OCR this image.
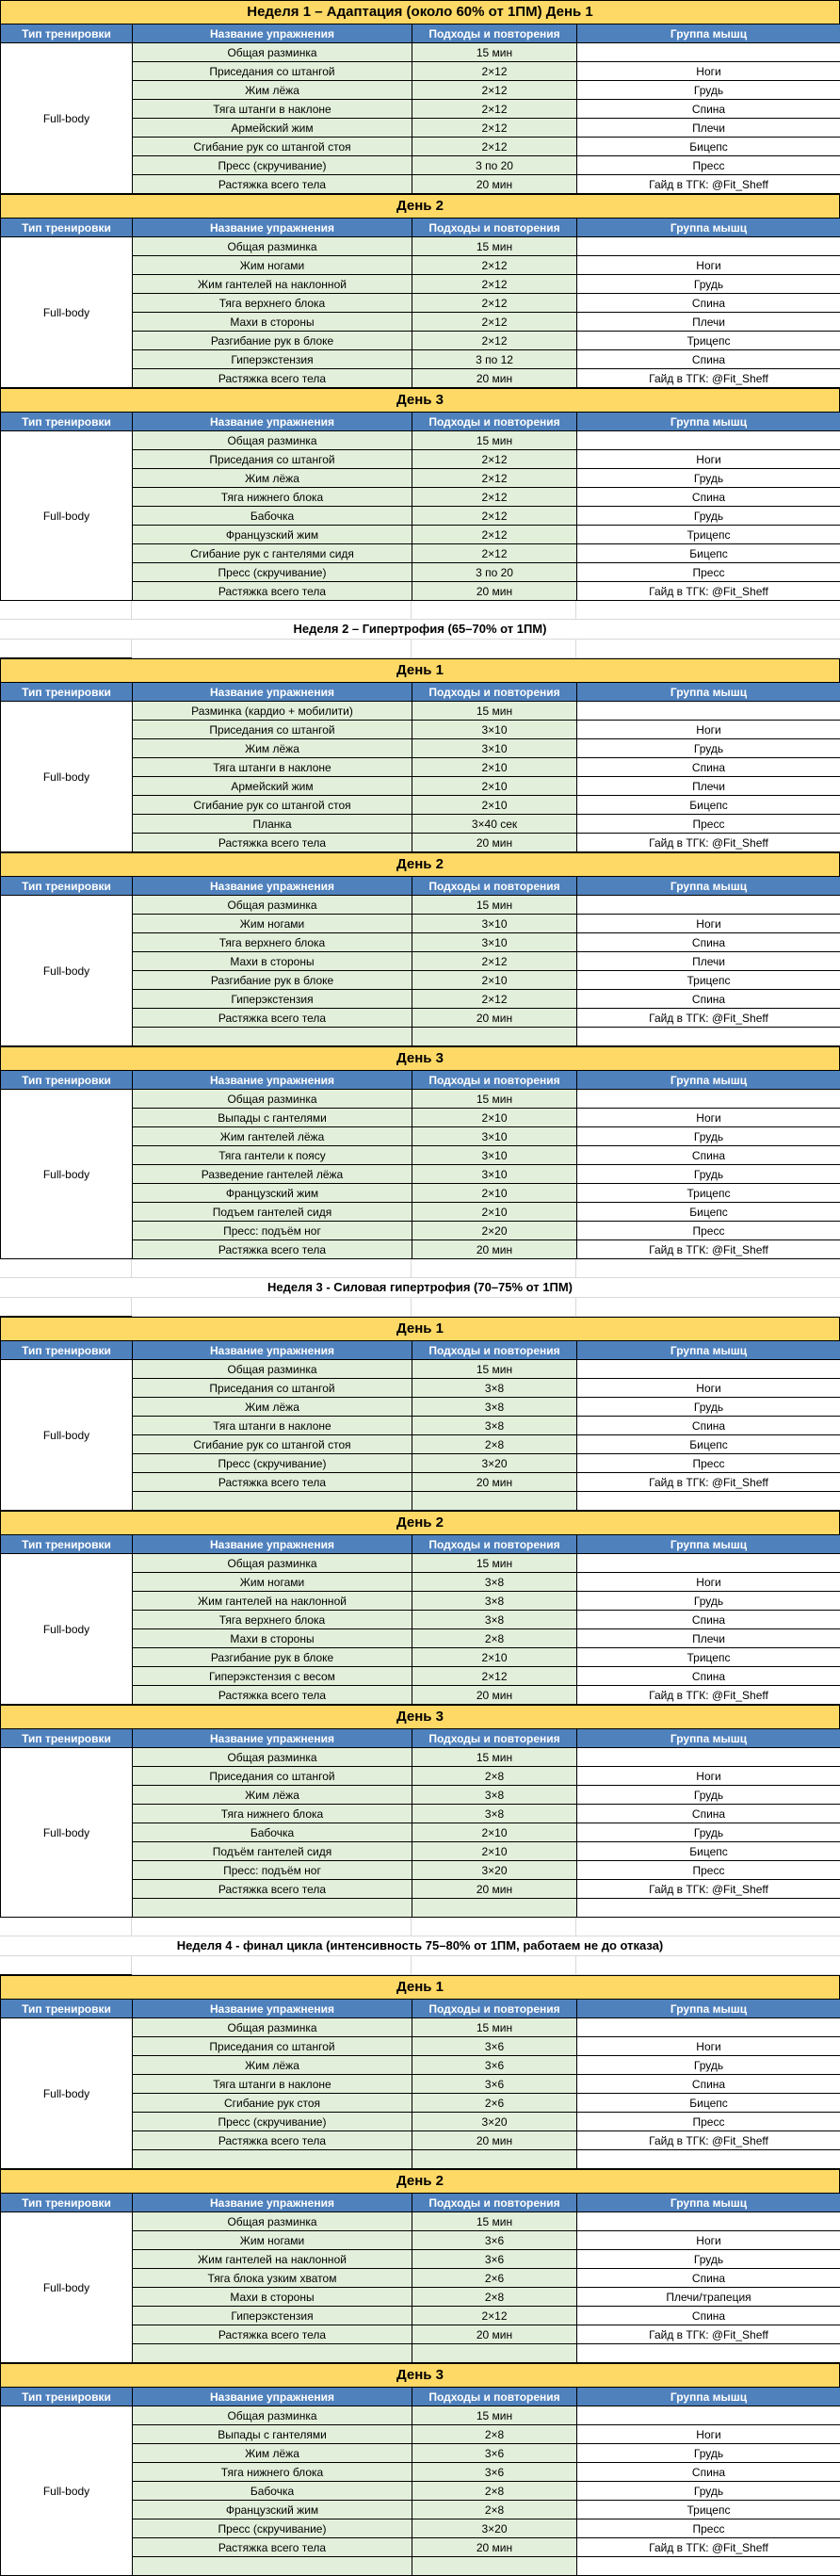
Неделя 1 – Адаптация (около 60% от 1ПМ) День 1
Тип тренировки	Название упражнения	Подходы и повторения	Группа мышц
Full-body	Общая разминка	15 мин	
	Приседания со штангой	2×12	Ноги
	Жим лёжа	2×12	Грудь
	Тяга штанги в наклоне	2×12	Спина
	Армейский жим	2×12	Плечи
	Сгибание рук со штангой стоя	2×12	Бицепс
	Пресс (скручивание)	3 по 20	Пресс
	Растяжка всего тела	20 мин	Гайд в ТГК: @Fit_Sheff
День 2
Тип тренировки	Название упражнения	Подходы и повторения	Группа мышц
Full-body	Общая разминка	15 мин	
	Жим ногами	2×12	Ноги
	Жим гантелей на наклонной	2×12	Грудь
	Тяга верхнего блока	2×12	Спина
	Махи в стороны	2×12	Плечи
	Разгибание рук в блоке	2×12	Трицепс
	Гиперэкстензия	3 по 12	Спина
	Растяжка всего тела	20 мин	Гайд в ТГК: @Fit_Sheff
День 3
Тип тренировки	Название упражнения	Подходы и повторения	Группа мышц
Full-body	Общая разминка	15 мин	
	Приседания со штангой	2×12	Ноги
	Жим лёжа	2×12	Грудь
	Тяга нижнего блока	2×12	Спина
	Бабочка	2×12	Грудь
	Французский жим	2×12	Трицепс
	Сгибание рук с гантелями сидя	2×12	Бицепс
	Пресс (скручивание)	3 по 20	Пресс
	Растяжка всего тела	20 мин	Гайд в ТГК: @Fit_Sheff
Неделя 2 – Гипертрофия (65–70% от 1ПМ)
День 1
Тип тренировки	Название упражнения	Подходы и повторения	Группа мышц
Full-body	Разминка (кардио + мобилити)	15 мин	
	Приседания со штангой	3×10	Ноги
	Жим лёжа	3×10	Грудь
	Тяга штанги в наклоне	2×10	Спина
	Армейский жим	2×10	Плечи
	Сгибание рук со штангой стоя	2×10	Бицепс
	Планка	3×40 сек	Пресс
	Растяжка всего тела	20 мин	Гайд в ТГК: @Fit_Sheff
День 2
Тип тренировки	Название упражнения	Подходы и повторения	Группа мышц
Full-body	Общая разминка	15 мин	
	Жим ногами	3×10	Ноги
	Тяга верхнего блока	3×10	Спина
	Махи в стороны	2×12	Плечи
	Разгибание рук в блоке	2×10	Трицепс
	Гиперэкстензия	2×12	Спина
	Растяжка всего тела	20 мин	Гайд в ТГК: @Fit_Sheff

День 3
Тип тренировки	Название упражнения	Подходы и повторения	Группа мышц
Full-body	Общая разминка	15 мин	
	Выпады с гантелями	2×10	Ноги
	Жим гантелей лёжа	3×10	Грудь
	Тяга гантели к поясу	3×10	Спина
	Разведение гантелей лёжа	3×10	Грудь
	Французский жим	2×10	Трицепс
	Подъем гантелей сидя	2×10	Бицепс
	Пресс: подъём ног	2×20	Пресс
	Растяжка всего тела	20 мин	Гайд в ТГК: @Fit_Sheff
Неделя 3 - Силовая гипертрофия (70–75% от 1ПМ)
День 1
Тип тренировки	Название упражнения	Подходы и повторения	Группа мышц
Full-body	Общая разминка	15 мин	
	Приседания со штангой	3×8	Ноги
	Жим лёжа	3×8	Грудь
	Тяга штанги в наклоне	3×8	Спина
	Сгибание рук со штангой стоя	2×8	Бицепс
	Пресс (скручивание)	3×20	Пресс
	Растяжка всего тела	20 мин	Гайд в ТГК: @Fit_Sheff

День 2
Тип тренировки	Название упражнения	Подходы и повторения	Группа мышц
Full-body	Общая разминка	15 мин	
	Жим ногами	3×8	Ноги
	Жим гантелей на наклонной	3×8	Грудь
	Тяга верхнего блока	3×8	Спина
	Махи в стороны	2×8	Плечи
	Разгибание рук в блоке	2×10	Трицепс
	Гиперэкстензия с весом	2×12	Спина
	Растяжка всего тела	20 мин	Гайд в ТГК: @Fit_Sheff
День 3
Тип тренировки	Название упражнения	Подходы и повторения	Группа мышц
Full-body	Общая разминка	15 мин	
	Приседания со штангой	2×8	Ноги
	Жим лёжа	3×8	Грудь
	Тяга нижнего блока	3×8	Спина
	Бабочка	2×10	Грудь
	Подъём гантелей сидя	2×10	Бицепс
	Пресс: подъём ног	3×20	Пресс
	Растяжка всего тела	20 мин	Гайд в ТГК: @Fit_Sheff

Неделя 4 - финал цикла (интенсивность 75–80% от 1ПМ, работаем не до отказа)
День 1
Тип тренировки	Название упражнения	Подходы и повторения	Группа мышц
Full-body	Общая разминка	15 мин	
	Приседания со штангой	3×6	Ноги
	Жим лёжа	3×6	Грудь
	Тяга штанги в наклоне	3×6	Спина
	Сгибание рук стоя	2×6	Бицепс
	Пресс (скручивание)	3×20	Пресс
	Растяжка всего тела	20 мин	Гайд в ТГК: @Fit_Sheff

День 2
Тип тренировки	Название упражнения	Подходы и повторения	Группа мышц
Full-body	Общая разминка	15 мин	
	Жим ногами	3×6	Ноги
	Жим гантелей на наклонной	3×6	Грудь
	Тяга блока узким хватом	2×6	Спина
	Махи в стороны	2×8	Плечи/трапеция
	Гиперэкстензия	2×12	Спина
	Растяжка всего тела	20 мин	Гайд в ТГК: @Fit_Sheff

День 3
Тип тренировки	Название упражнения	Подходы и повторения	Группа мышц
Full-body	Общая разминка	15 мин	
	Выпады с гантелями	2×8	Ноги
	Жим лёжа	3×6	Грудь
	Тяга нижнего блока	3×6	Спина
	Бабочка	2×8	Грудь
	Французский жим	2×8	Трицепс
	Пресс (скручивание)	3×20	Пресс
	Растяжка всего тела	20 мин	Гайд в ТГК: @Fit_Sheff
